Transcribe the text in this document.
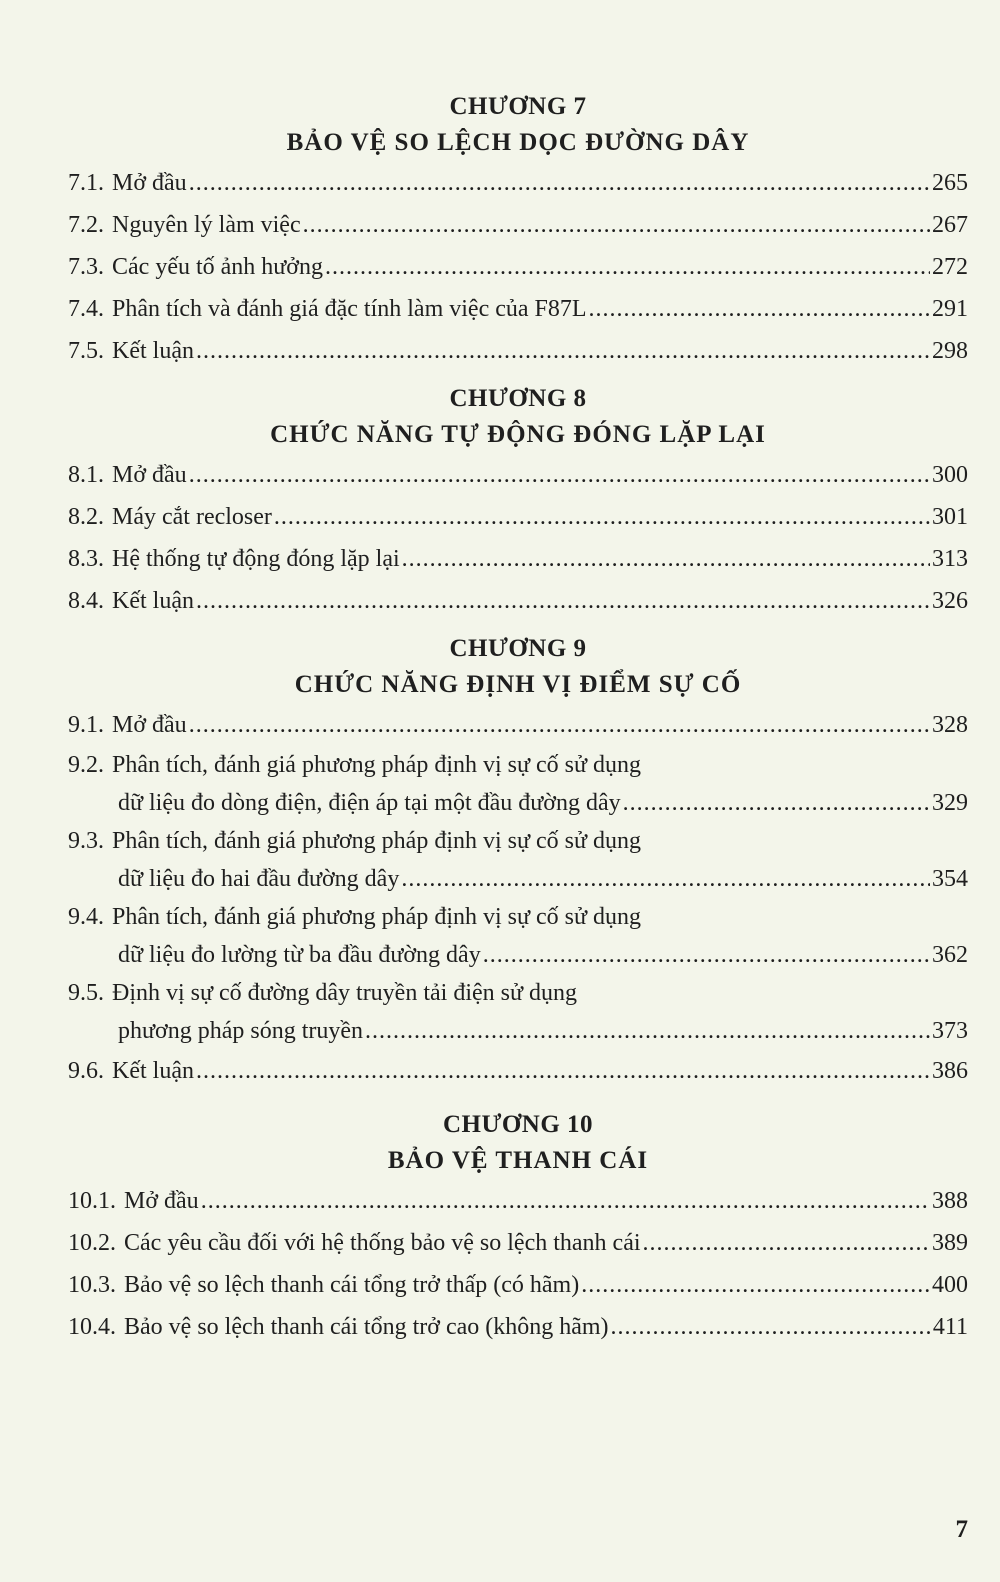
CHƯƠNG 7
BẢO VỆ SO LỆCH DỌC ĐƯỜNG DÂY
7.1. Mở đầu .....	265
7.2. Nguyên lý làm việc .....	267
7.3. Các yếu tố ảnh hưởng .....	272
7.4. Phân tích và đánh giá đặc tính làm việc của F87L .....	291
7.5. Kết luận .....	298
CHƯƠNG 8
CHỨC NĂNG TỰ ĐỘNG ĐÓNG LẶP LẠI
8.1. Mở đầu .....	300
8.2. Máy cắt recloser .....	301
8.3. Hệ thống tự động đóng lặp lại .....	313
8.4. Kết luận .....	326
CHƯƠNG 9
CHỨC NĂNG ĐỊNH VỊ ĐIỂM SỰ CỐ
9.1. Mở đầu .....	328
9.2. Phân tích, đánh giá phương pháp định vị sự cố sử dụng
dữ liệu đo dòng điện, điện áp tại một đầu đường dây .....	329
9.3. Phân tích, đánh giá phương pháp định vị sự cố sử dụng
dữ liệu đo hai đầu đường dây .....	354
9.4. Phân tích, đánh giá phương pháp định vị sự cố sử dụng
dữ liệu đo lường từ ba đầu đường dây .....	362
9.5. Định vị sự cố đường dây truyền tải điện sử dụng
phương pháp sóng truyền .....	373
9.6. Kết luận .....	386
CHƯƠNG 10
BẢO VỆ THANH CÁI
10.1. Mở đầu .....	388
10.2. Các yêu cầu đối với hệ thống bảo vệ so lệch thanh cái .....	389
10.3. Bảo vệ so lệch thanh cái tổng trở thấp (có hãm) .....	400
10.4. Bảo vệ so lệch thanh cái tổng trở cao (không hãm) .....	411
7
